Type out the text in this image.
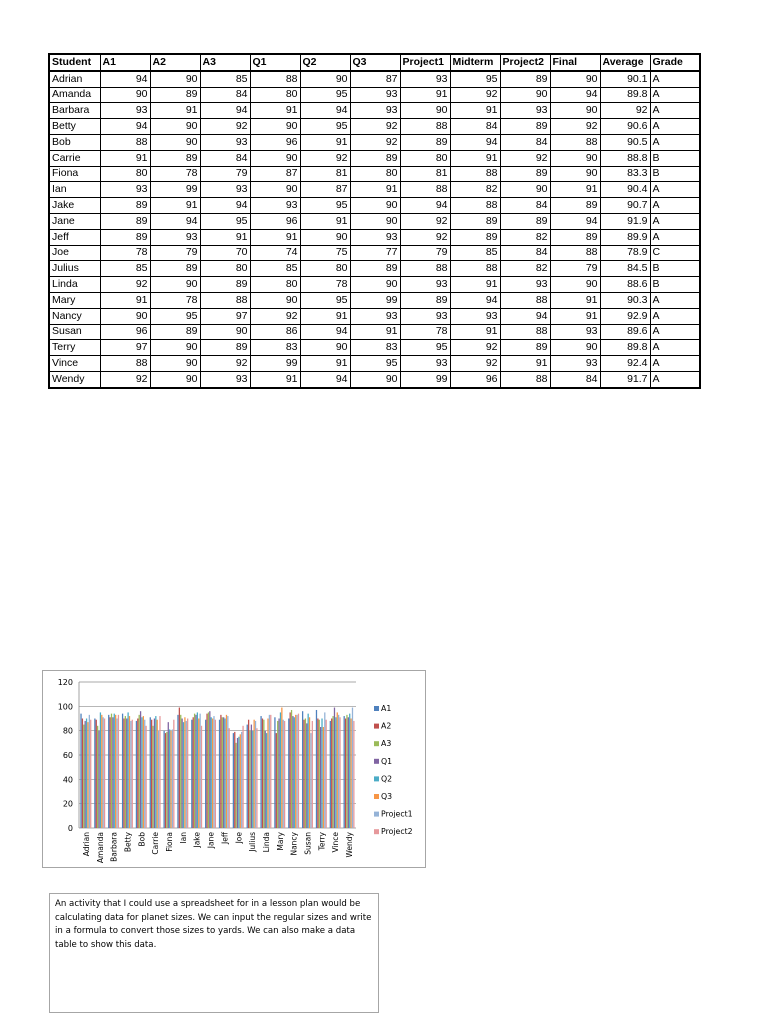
Student	A1	A2	A3	Q1	Q2	Q3	Project1	Midterm	Project2	Final	Average	Grade
Adrian	94	90	85	88	90	87	93	95	89	90	90.1	A
Amanda	90	89	84	80	95	93	91	92	90	94	89.8	A
Barbara	93	91	94	91	94	93	90	91	93	90	92	A
Betty	94	90	92	90	95	92	88	84	89	92	90.6	A
Bob	88	90	93	96	91	92	89	94	84	88	90.5	A
Carrie	91	89	84	90	92	89	80	91	92	90	88.8	B
Fiona	80	78	79	87	81	80	81	88	89	90	83.3	B
Ian	93	99	93	90	87	91	88	82	90	91	90.4	A
Jake	89	91	94	93	95	90	94	88	84	89	90.7	A
Jane	89	94	95	96	91	90	92	89	89	94	91.9	A
Jeff	89	93	91	91	90	93	92	89	82	89	89.9	A
Joe	78	79	70	74	75	77	79	85	84	88	78.9	C
Julius	85	89	80	85	80	89	88	88	82	79	84.5	B
Linda	92	90	89	80	78	90	93	91	93	90	88.6	B
Mary	91	78	88	90	95	99	89	94	88	91	90.3	A
Nancy	90	95	97	92	91	93	93	93	94	91	92.9	A
Susan	96	89	90	86	94	91	78	91	88	93	89.6	A
Terry	97	90	89	83	90	83	95	92	89	90	89.8	A
Vince	88	90	92	99	91	95	93	92	91	93	92.4	A
Wendy	92	90	93	91	94	90	99	96	88	84	91.7	A
0
20
40
60
80
100
120
Adrian Amanda Barbara Betty Bob Carrie Fiona Ian Jake Jane Jeff Joe Julius Linda Mary Nancy Susan Terry Vince Wendy
A1
A2
A3
Q1
Q2
Q3
Project1
Project2
An activity that I could use a spreadsheet for in a lesson plan would be calculating data for planet sizes. We can input the regular sizes and write in a formula to convert those sizes to yards. We can also make a data table to show this data.
